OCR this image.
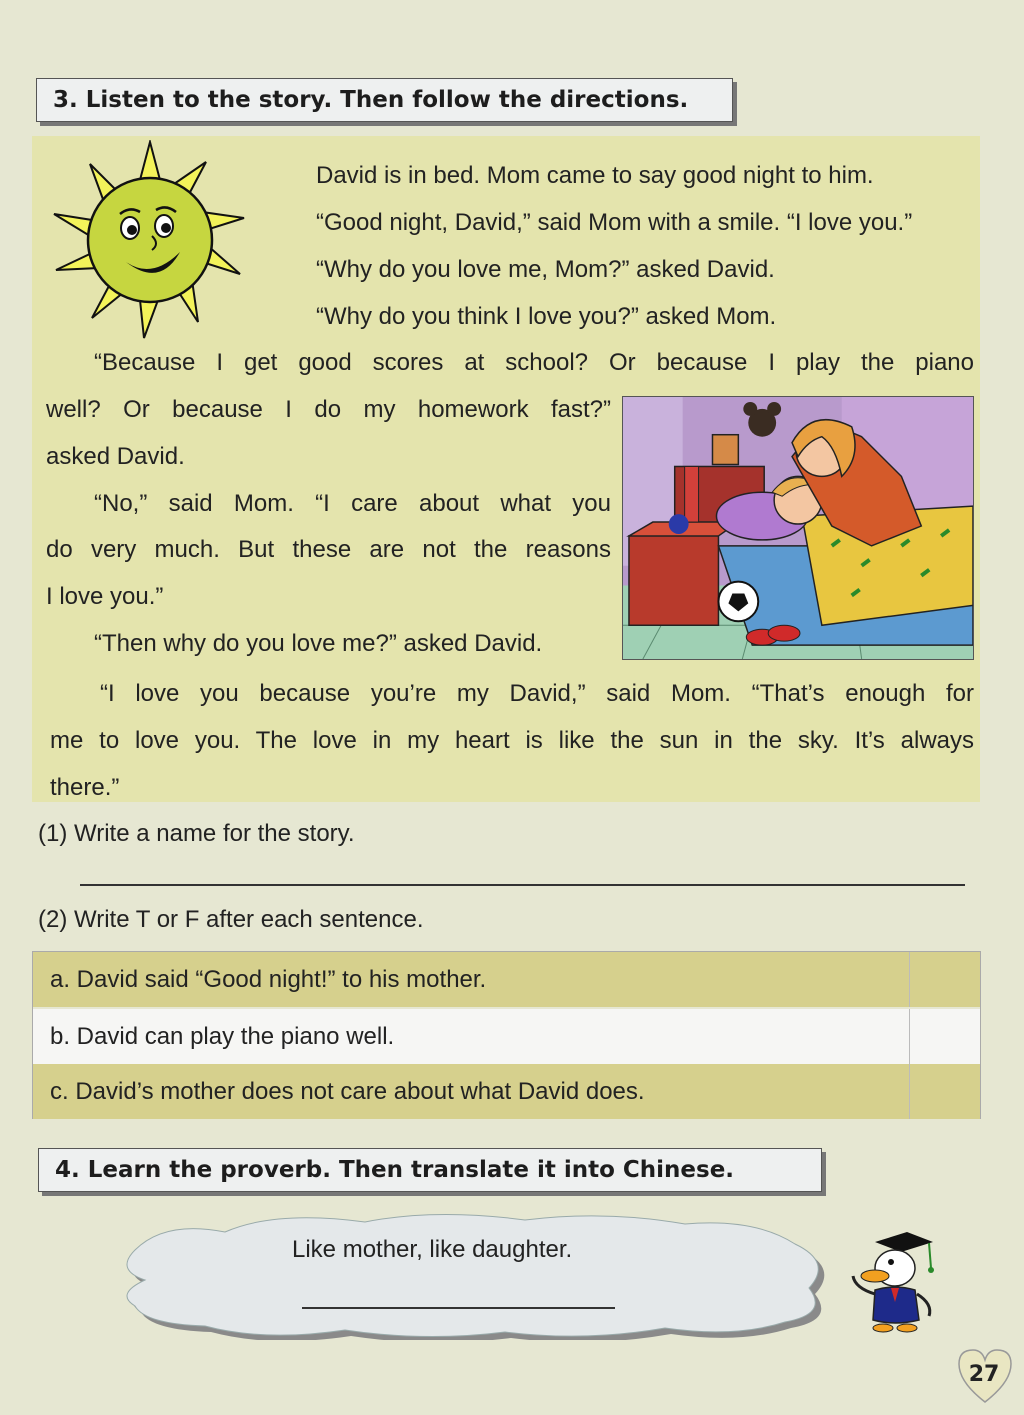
3. Listen to the story. Then follow the directions.
David is in bed. Mom came to say good night to him.
“Good night, David,” said Mom with a smile. “I love you.”
“Why do you love me, Mom?” asked David.
“Why do you think I love you?” asked Mom.
“Because I get good scores at school? Or because I play the piano
well? Or because I do my homework fast?”
asked David.
“No,” said Mom. “I care about what you
do very much. But these are not the reasons
I love you.”
“Then why do you love me?” asked David.
“I love you because you’re my David,” said Mom. “That’s enough for
me to love you. The love in my heart is like the sun in the sky. It’s always
there.”
(1) Write a name for the story.
(2) Write T or F after each sentence.
a. David said “Good night!” to his mother.
b. David can play the piano well.
c. David’s mother does not care about what David does.
4. Learn the proverb. Then translate it into Chinese.
Like mother, like daughter.
27
